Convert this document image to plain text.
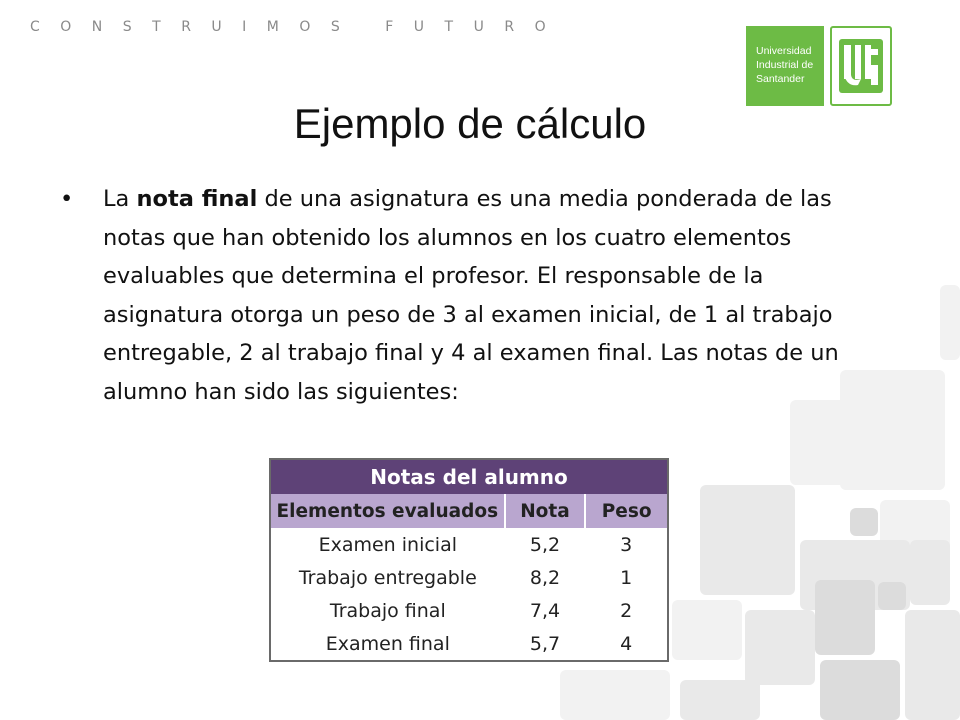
CONSTRUIMOS FUTURO
Universidad
Industrial de
Santander
Ejemplo de cálculo
•	La nota final de una asignatura es una media ponderada de las notas que han obtenido los alumnos en los cuatro elementos evaluables que determina el profesor. El responsable de la asignatura otorga un peso de 3 al examen inicial, de 1 al trabajo entregable, 2 al trabajo final y 4 al examen final. Las notas de un alumno han sido las siguientes:
Notas del alumno		
Elementos evaluados	Nota	Peso
Examen inicial	5,2	3
Trabajo entregable	8,2	1
Trabajo final	7,4	2
Examen final	5,7	4
